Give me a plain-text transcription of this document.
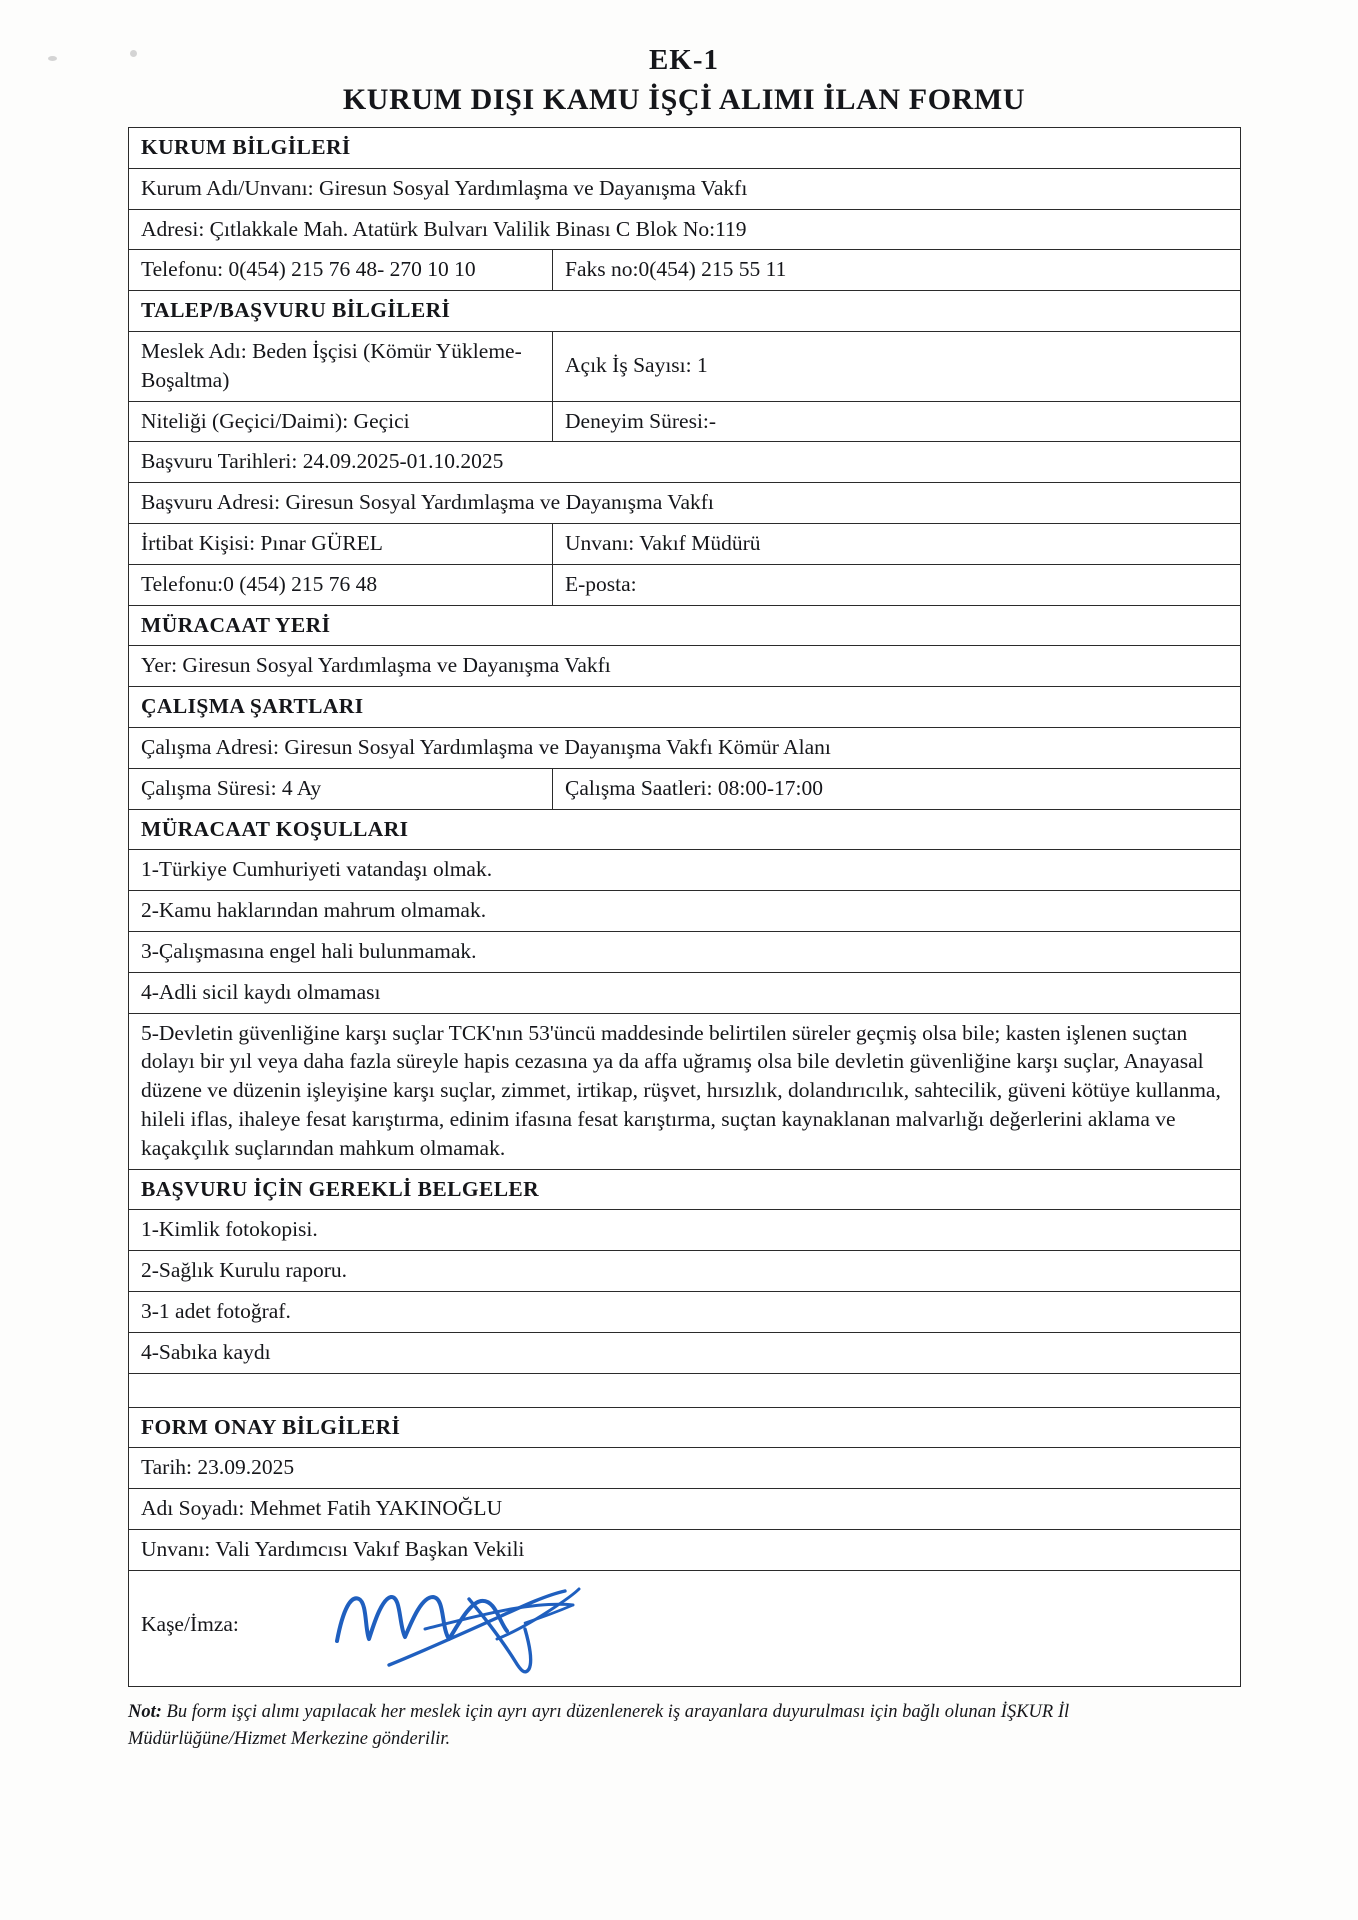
EK-1
KURUM DIŞI KAMU İŞÇİ ALIMI İLAN FORMU
KURUM BİLGİLERİ	
Kurum Adı/Unvanı: Giresun Sosyal Yardımlaşma ve Dayanışma Vakfı	
Adresi: Çıtlakkale Mah. Atatürk Bulvarı Valilik Binası C Blok No:119	
Telefonu: 0(454) 215 76 48- 270 10 10	Faks no:0(454) 215 55 11
TALEP/BAŞVURU BİLGİLERİ	
Meslek Adı: Beden İşçisi (Kömür Yükleme-Boşaltma)	Açık İş Sayısı: 1
Niteliği (Geçici/Daimi): Geçici	Deneyim Süresi:-
Başvuru Tarihleri: 24.09.2025-01.10.2025	
Başvuru Adresi: Giresun Sosyal Yardımlaşma ve Dayanışma Vakfı	
İrtibat Kişisi: Pınar GÜREL	Unvanı: Vakıf Müdürü
Telefonu:0 (454) 215 76 48	E-posta:
MÜRACAAT YERİ	
Yer: Giresun Sosyal Yardımlaşma ve Dayanışma Vakfı	
ÇALIŞMA ŞARTLARI	
Çalışma Adresi: Giresun Sosyal Yardımlaşma ve Dayanışma Vakfı Kömür Alanı	
Çalışma Süresi: 4 Ay	Çalışma Saatleri: 08:00-17:00
MÜRACAAT KOŞULLARI	
1-Türkiye Cumhuriyeti vatandaşı olmak.	
2-Kamu haklarından mahrum olmamak.	
3-Çalışmasına engel hali bulunmamak.	
4-Adli sicil kaydı olmaması	
5-Devletin güvenliğine karşı suçlar TCK'nın 53'üncü maddesinde belirtilen süreler geçmiş olsa bile; kasten işlenen suçtan dolayı bir yıl veya daha fazla süreyle hapis cezasına ya da affa uğramış olsa bile devletin güvenliğine karşı suçlar, Anayasal düzene ve düzenin işleyişine karşı suçlar, zimmet, irtikap, rüşvet, hırsızlık, dolandırıcılık, sahtecilik, güveni kötüye kullanma, hileli iflas, ihaleye fesat karıştırma, edinim ifasına fesat karıştırma, suçtan kaynaklanan malvarlığı değerlerini aklama ve kaçakçılık suçlarından mahkum olmamak.	
BAŞVURU İÇİN GEREKLİ BELGELER	
1-Kimlik fotokopisi.	
2-Sağlık Kurulu raporu.	
3-1 adet fotoğraf.	
4-Sabıka kaydı	

FORM ONAY BİLGİLERİ	
Tarih: 23.09.2025	
Adı Soyadı: Mehmet Fatih YAKINOĞLU	
Unvanı: Vali Yardımcısı Vakıf Başkan Vekili	
Kaşe/İmza:	
Not: Bu form işçi alımı yapılacak her meslek için ayrı ayrı düzenlenerek iş arayanlara duyurulması için bağlı olunan İŞKUR İl Müdürlüğüne/Hizmet Merkezine gönderilir.
